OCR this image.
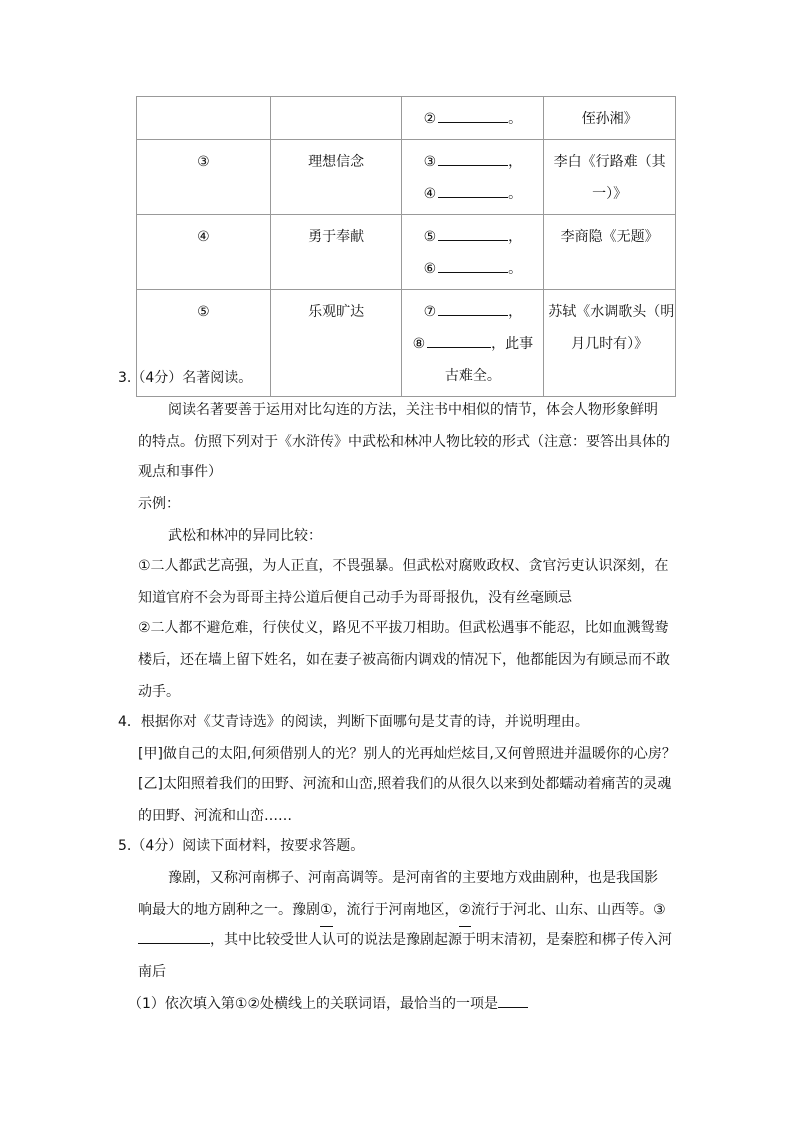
		② 。	侄孙湘》
③	理想信念	③ ，
④ 。	李白《行路难（其
一）》

④	勇于奉献	⑤ ，
⑥ 。	李商隐《无题》
⑤	乐观旷达	⑦ ，
⑧ ，此事
古难全。	苏轼《水调歌头（明
月几时有）》
3.（4分）名著阅读。
阅读名著要善于运用对比勾连的方法，关注书中相似的情节，体会人物形象鲜明
的特点。仿照下列对于《水浒传》中武松和林冲人物比较的形式（注意：要答出具体的
观点和事件）
示例：
武松和林冲的异同比较：
①二人都武艺高强，为人正直，不畏强暴。但武松对腐败政权、贪官污吏认识深刻，在
知道官府不会为哥哥主持公道后便自己动手为哥哥报仇，没有丝毫顾忌
②二人都不避危难，行侠仗义，路见不平拔刀相助。但武松遇事不能忍，比如血溅鸳鸯
楼后，还在墙上留下姓名，如在妻子被高衙内调戏的情况下，他都能因为有顾忌而不敢
动手。
4．根据你对《艾青诗选》的阅读，判断下面哪句是艾青的诗，并说明理由。
[甲]做自己的太阳,何须借别人的光？别人的光再灿烂炫目,又何曾照进并温暖你的心房？
[乙]太阳照着我们的田野、河流和山峦,照着我们的从很久以来到处都蠕动着痛苦的灵魂
的田野、河流和山峦……
5.（4分）阅读下面材料，按要求答题。
豫剧，又称河南梆子、河南高调等。是河南省的主要地方戏曲剧种，也是我国影
响最大的地方剧种之一。豫剧①，流行于河南地区，②流行于河北、山东、山西等。③
，其中比较受世人认可的说法是豫剧起源于明末清初，是秦腔和梆子传入河
南后
（1）依次填入第①②处横线上的关联词语，最恰当的一项是
